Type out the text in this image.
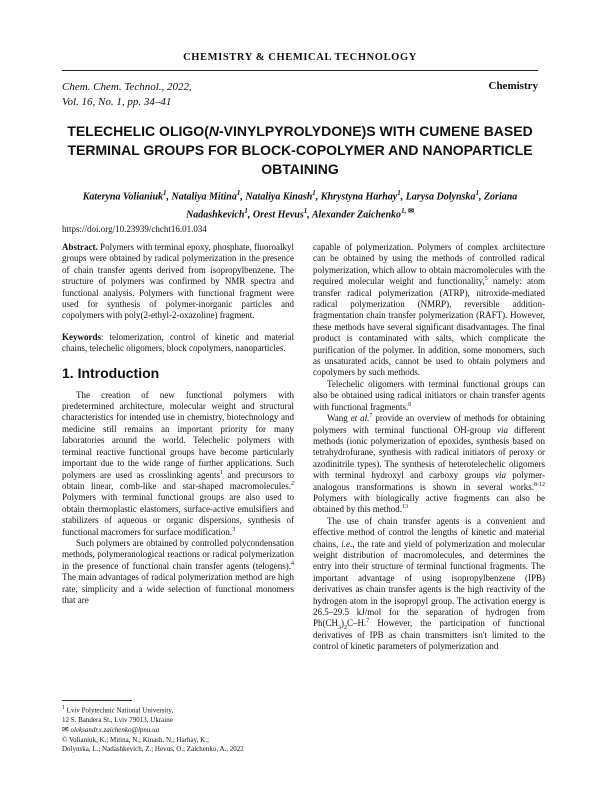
CHEMISTRY & CHEMICAL TECHNOLOGY
Chem. Chem. Technol., 2022,
Vol. 16, No. 1, pp. 34–41
Chemistry
TELECHELIC OLIGO(N-VINYLPYROLYDONE)S WITH CUMENE BASED TERMINAL GROUPS FOR BLOCK-COPOLYMER AND NANOPARTICLE OBTAINING
Kateryna Volianiuk$^1$, Nataliya Mitina$^1$, Nataliya Kinash$^1$, Khrystyna Harhay$^1$, Larysa Dolynska$^1$, Zoriana Nadashkevich$^1$, Orest Hevus$^1$, Alexander Zaichenko$^{1,}$ ✉
https://doi.org/10.23939/chcht16.01.034

Abstract. Polymers with terminal epoxy, phosphate, fluoroalkyl groups were obtained by radical polymerization in the presence of chain transfer agents derived from isopropylbenzene. The structure of polymers was confirmed by NMR spectra and functional analysis. Polymers with functional fragment were used for synthesis of polymer-inorganic particles and copolymers with poly(2-ethyl-2-oxazoline) fragment.

Keywords: telomerization, control of kinetic and material chains, telechelic oligomers, block copolymers, nanoparticles.

1. Introduction

The creation of new functional polymers with predetermined architecture, molecular weight and structural characteristics for intended use in chemistry, biotechnology and medicine still remains an important priority for many laboratories around the world. Telechelic polymers with terminal reactive functional groups have become particularly important due to the wide range of further applications. Such polymers are used as crosslinking agents$^1$ and precursors to obtain linear, comb-like and star-shaped macromolecules.$^2$ Polymers with terminal functional groups are also used to obtain thermoplastic elastomers, surface-active emulsifiers and stabilizers of aqueous or organic dispersions, synthesis of functional macromers for surface modification.$^3$

Such polymers are obtained by controlled polycondensation methods, polymeranological reactions or radical polymerization in the presence of functional chain transfer agents (telogens).$^4$ The main advantages of radical polymerization method are high rate, simplicity and a wide selection of functional monomers that are

capable of polymerization. Polymers of complex architecture can be obtained by using the methods of controlled radical polymerization, which allow to obtain macromolecules with the required molecular weight and functionality,$^5$ namely: atom transfer radical polymerization (ATRP), nitroxide-mediated radical polymerization (NMRP), reversible addition-fragmentation chain transfer polymerization (RAFT). However, these methods have several significant disadvantages. The final product is contaminated with salts, which complicate the purification of the polymer. In addition, some monomers, such as unsaturated acids, cannot be used to obtain polymers and copolymers by such methods.

Telechelic oligomers with terminal functional groups can also be obtained using radical initiators or chain transfer agents with functional fragments.$^6$

Wang et al.$^7$ provide an overview of methods for obtaining polymers with terminal functional OH-group via different methods (ionic polymerization of epoxides, synthesis based on tetrahydrofurane, synthesis with radical initiators of peroxy or azodinitrile types). The synthesis of heterotelechelic oligomers with terminal hydroxyl and carboxy groups via polymer-analogous transformations is shown in several works.$^{8-12}$ Polymers with biologically active fragments can also be obtained by this method.$^{13}$

The use of chain transfer agents is a convenient and effective method of control the lengths of kinetic and material chains, i.e., the rate and yield of polymerization and molecular weight distribution of macromolecules, and determines the entry into their structure of terminal functional fragments. The important advantage of using isopropylbenzene (IPB) derivatives as chain transfer agents is the high reactivity of the hydrogen atom in the isopropyl group. The activation energy is 26.5–29.5 kJ/mol for the separation of hydrogen from $Ph(CH_3)_2C-H.^7$ However, the participation of functional derivatives of IPB as chain transmitters isn't limited to the control of kinetic parameters of polymerization and

$^1$ Lviv Polytechnic National University,
12 S. Bandera St., Lviv 79013, Ukraine
✉ oleksandr.s.zaichenko@lpnu.ua
© Volianiuk, K.; Mitina, N.; Kinash, N.; Harhay, K.;
Dolynska, L.; Nadashkevich, Z.; Hevus, O.; Zaichenko, A., 2022
